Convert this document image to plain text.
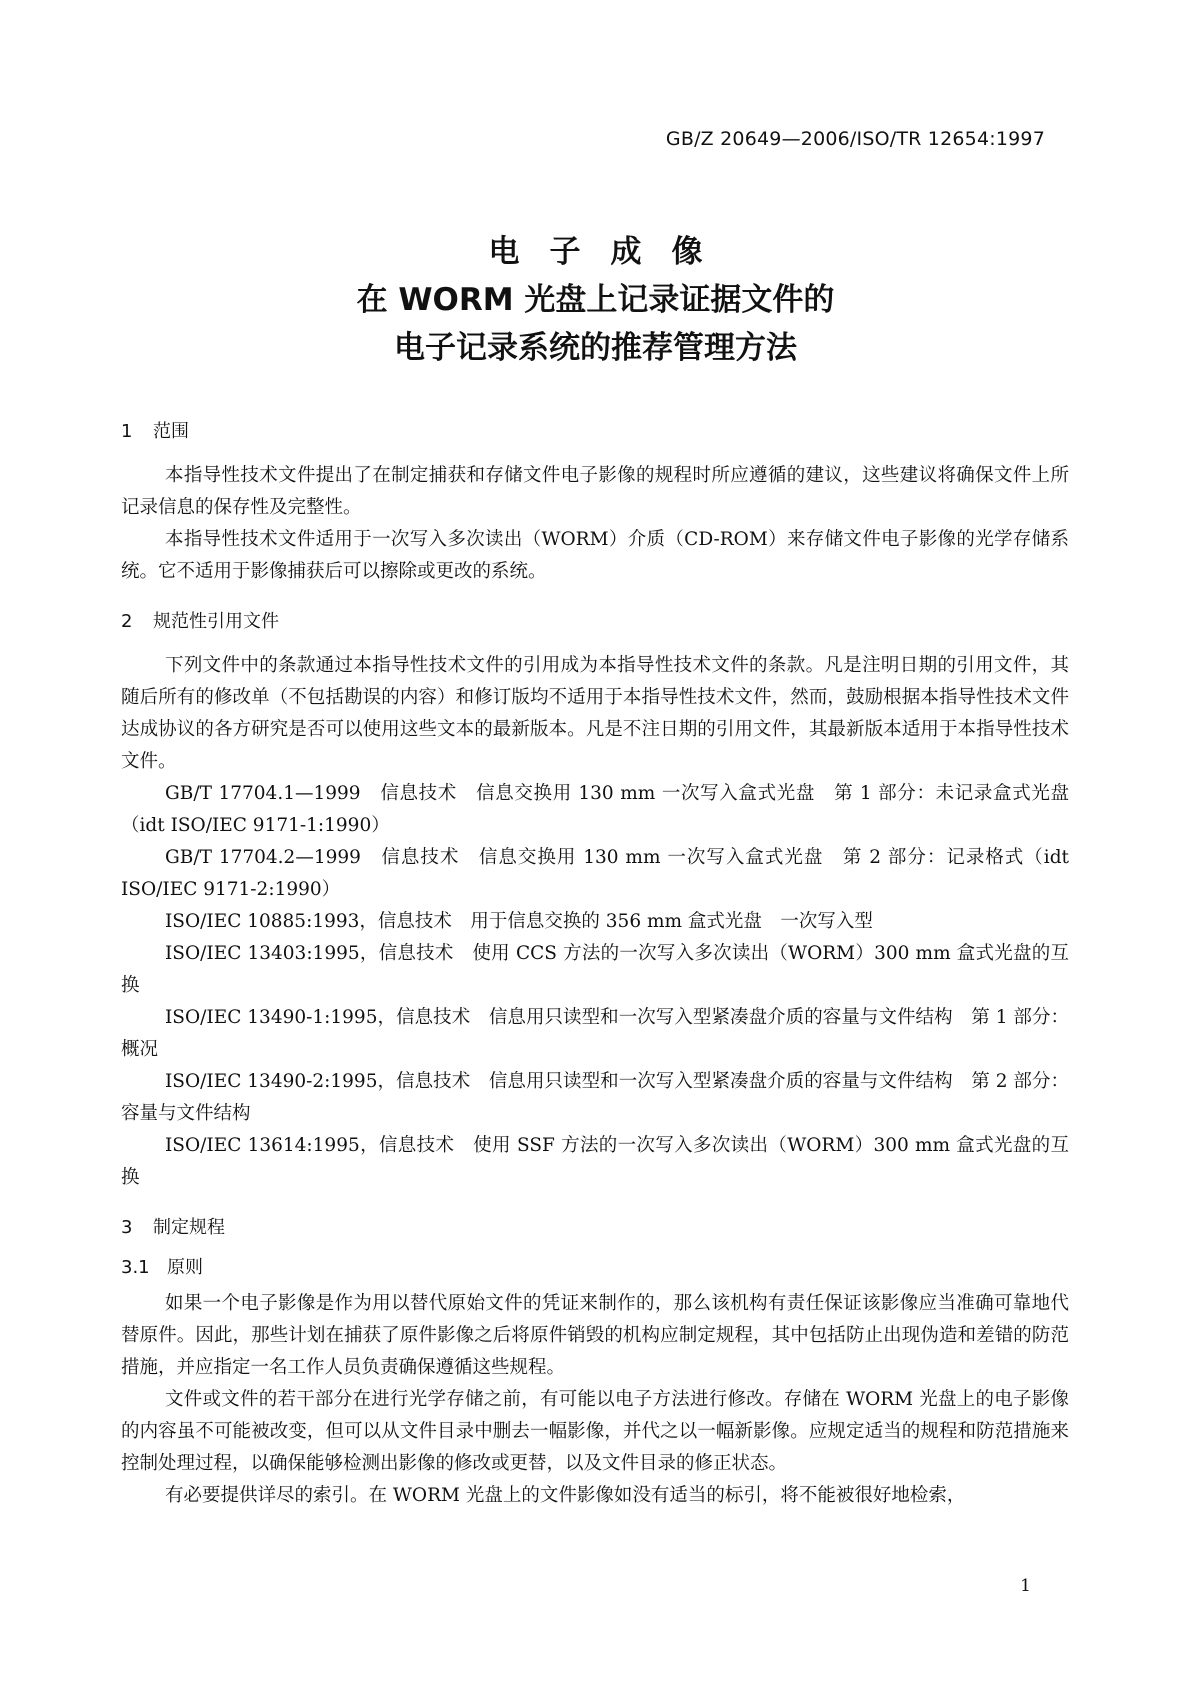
GB/Z 20649—2006/ISO/TR 12654:1997
电子成像
在 WORM 光盘上记录证据文件的
电子记录系统的推荐管理方法

1 范围

本指导性技术文件提出了在制定捕获和存储文件电子影像的规程时所应遵循的建议，这些建议将确保文件上所记录信息的保存性及完整性。

本指导性技术文件适用于一次写入多次读出（WORM）介质（CD-ROM）来存储文件电子影像的光学存储系统。它不适用于影像捕获后可以擦除或更改的系统。

2 规范性引用文件

下列文件中的条款通过本指导性技术文件的引用成为本指导性技术文件的条款。凡是注明日期的引用文件，其随后所有的修改单（不包括勘误的内容）和修订版均不适用于本指导性技术文件，然而，鼓励根据本指导性技术文件达成协议的各方研究是否可以使用这些文本的最新版本。凡是不注日期的引用文件，其最新版本适用于本指导性技术文件。

GB/T 17704.1—1999　信息技术　信息交换用 130 mm 一次写入盒式光盘　第 1 部分：未记录盒式光盘（idt ISO/IEC 9171-1:1990）

GB/T 17704.2—1999　信息技术　信息交换用 130 mm 一次写入盒式光盘　第 2 部分：记录格式（idt ISO/IEC 9171-2:1990）

ISO/IEC 10885:1993，信息技术　用于信息交换的 356 mm 盒式光盘　一次写入型

ISO/IEC 13403:1995，信息技术　使用 CCS 方法的一次写入多次读出（WORM）300 mm 盒式光盘的互换

ISO/IEC 13490-1:1995，信息技术　信息用只读型和一次写入型紧凑盘介质的容量与文件结构　第 1 部分：概况

ISO/IEC 13490-2:1995，信息技术　信息用只读型和一次写入型紧凑盘介质的容量与文件结构　第 2 部分：容量与文件结构

ISO/IEC 13614:1995，信息技术　使用 SSF 方法的一次写入多次读出（WORM）300 mm 盒式光盘的互换

3 制定规程

3.1 原则

如果一个电子影像是作为用以替代原始文件的凭证来制作的，那么该机构有责任保证该影像应当准确可靠地代替原件。因此，那些计划在捕获了原件影像之后将原件销毁的机构应制定规程，其中包括防止出现伪造和差错的防范措施，并应指定一名工作人员负责确保遵循这些规程。

文件或文件的若干部分在进行光学存储之前，有可能以电子方法进行修改。存储在 WORM 光盘上的电子影像的内容虽不可能被改变，但可以从文件目录中删去一幅影像，并代之以一幅新影像。应规定适当的规程和防范措施来控制处理过程，以确保能够检测出影像的修改或更替，以及文件目录的修正状态。

有必要提供详尽的索引。在 WORM 光盘上的文件影像如没有适当的标引，将不能被很好地检索，

1
